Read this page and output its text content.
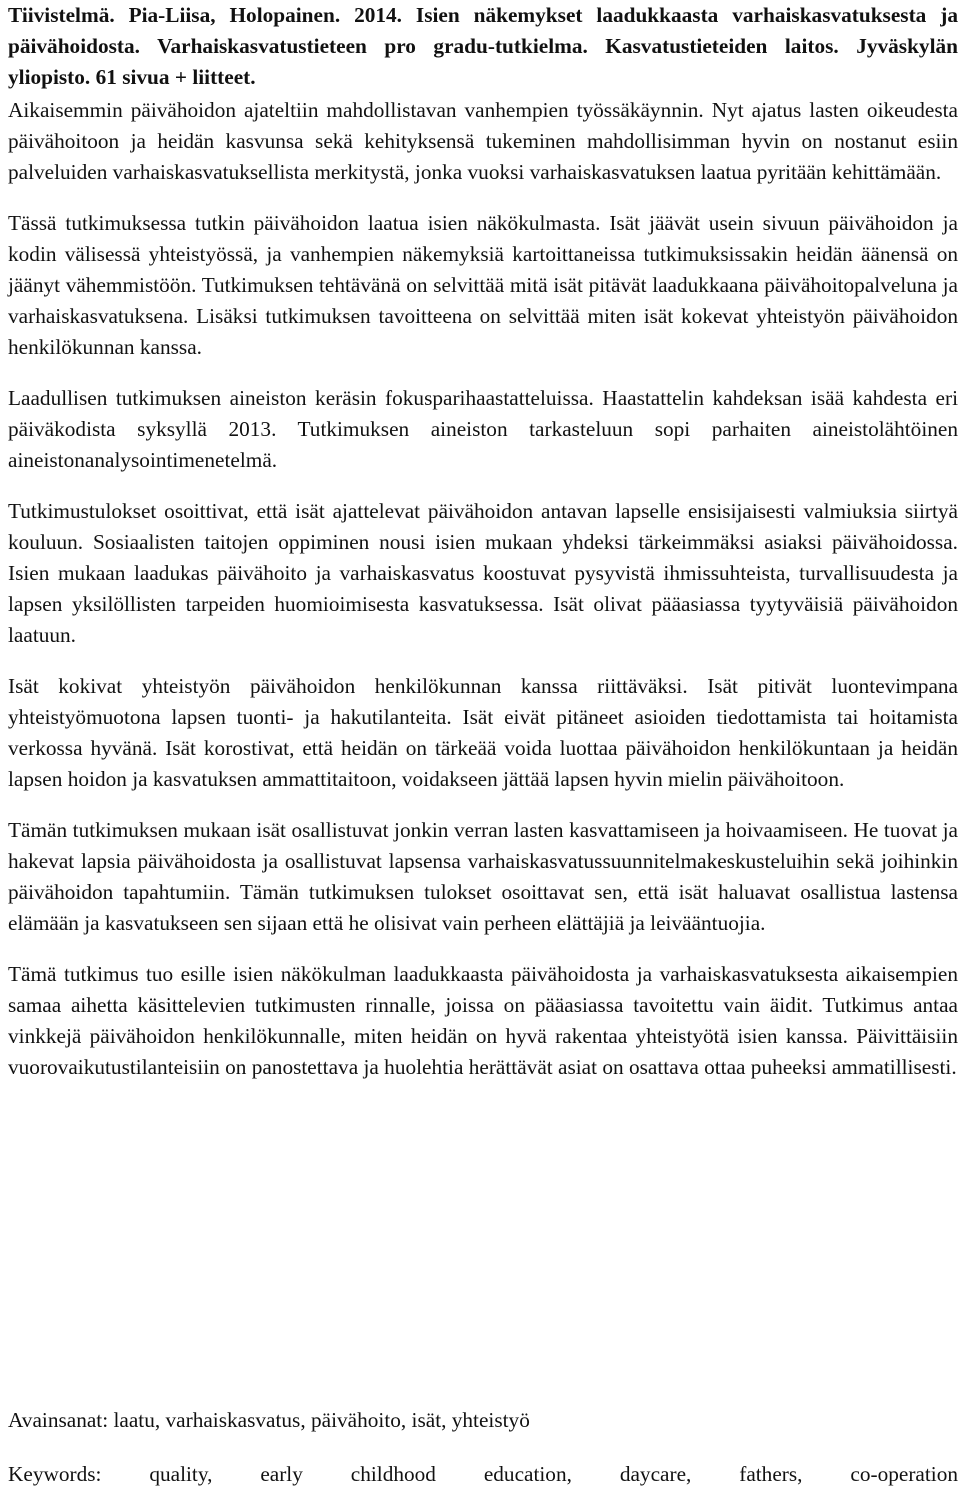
Tiivistelmä. Pia-Liisa, Holopainen. 2014. Isien näkemykset laadukkaasta varhaiskasvatuksesta ja päivähoidosta. Varhaiskasvatustieteen pro gradu-tutkielma. Kasvatustieteiden laitos. Jyväskylän yliopisto. 61 sivua + liitteet.

Aikaisemmin päivähoidon ajateltiin mahdollistavan vanhempien työssäkäynnin. Nyt ajatus lasten oikeudesta päivähoitoon ja heidän kasvunsa sekä kehityksensä tukeminen mahdollisimman hyvin on nostanut esiin palveluiden varhaiskasvatuksellista merkitystä, jonka vuoksi varhaiskasvatuksen laatua pyritään kehittämään.

Tässä tutkimuksessa tutkin päivähoidon laatua isien näkökulmasta. Isät jäävät usein sivuun päivähoidon ja kodin välisessä yhteistyössä, ja vanhempien näkemyksiä kartoittaneissa tutkimuksissakin heidän äänensä on jäänyt vähemmistöön. Tutkimuksen tehtävänä on selvittää mitä isät pitävät laadukkaana päivähoitopalveluna ja varhaiskasvatuksena. Lisäksi tutkimuksen tavoitteena on selvittää miten isät kokevat yhteistyön päivähoidon henkilökunnan kanssa.

Laadullisen tutkimuksen aineiston keräsin fokusparihaastatteluissa. Haastattelin kahdeksan isää kahdesta eri päiväkodista syksyllä 2013. Tutkimuksen aineiston tarkasteluun sopi parhaiten aineistolähtöinen aineistonanalysointimenetelmä.

Tutkimustulokset osoittivat, että isät ajattelevat päivähoidon antavan lapselle ensisijaisesti valmiuksia siirtyä kouluun. Sosiaalisten taitojen oppiminen nousi isien mukaan yhdeksi tärkeimmäksi asiaksi päivähoidossa. Isien mukaan laadukas päivähoito ja varhaiskasvatus koostuvat pysyvistä ihmissuhteista, turvallisuudesta ja lapsen yksilöllisten tarpeiden huomioimisesta kasvatuksessa. Isät olivat pääasiassa tyytyväisiä päivähoidon laatuun.

Isät kokivat yhteistyön päivähoidon henkilökunnan kanssa riittäväksi. Isät pitivät luontevimpana yhteistyömuotona lapsen tuonti- ja hakutilanteita. Isät eivät pitäneet asioiden tiedottamista tai hoitamista verkossa hyvänä. Isät korostivat, että heidän on tärkeää voida luottaa päivähoidon henkilökuntaan ja heidän lapsen hoidon ja kasvatuksen ammattitaitoon, voidakseen jättää lapsen hyvin mielin päivähoitoon.

Tämän tutkimuksen mukaan isät osallistuvat jonkin verran lasten kasvattamiseen ja hoivaamiseen. He tuovat ja hakevat lapsia päivähoidosta ja osallistuvat lapsensa varhaiskasvatussuunnitelmakeskusteluihin sekä joihinkin päivähoidon tapahtumiin. Tämän tutkimuksen tulokset osoittavat sen, että isät haluavat osallistua lastensa elämään ja kasvatukseen sen sijaan että he olisivat vain perheen elättäjiä ja leivääntuojia.

Tämä tutkimus tuo esille isien näkökulman laadukkaasta päivähoidosta ja varhaiskasvatuksesta aikaisempien samaa aihetta käsittelevien tutkimusten rinnalle, joissa on pääasiassa tavoitettu vain äidit. Tutkimus antaa vinkkejä päivähoidon henkilökunnalle, miten heidän on hyvä rakentaa yhteistyötä isien kanssa. Päivittäisiin vuorovaikutustilanteisiin on panostettava ja huolehtia herättävät asiat on osattava ottaa puheeksi ammatillisesti.

Avainsanat: laatu, varhaiskasvatus, päivähoito, isät, yhteistyö
Keywords: quality, early childhood education, daycare, fathers, co-operation
